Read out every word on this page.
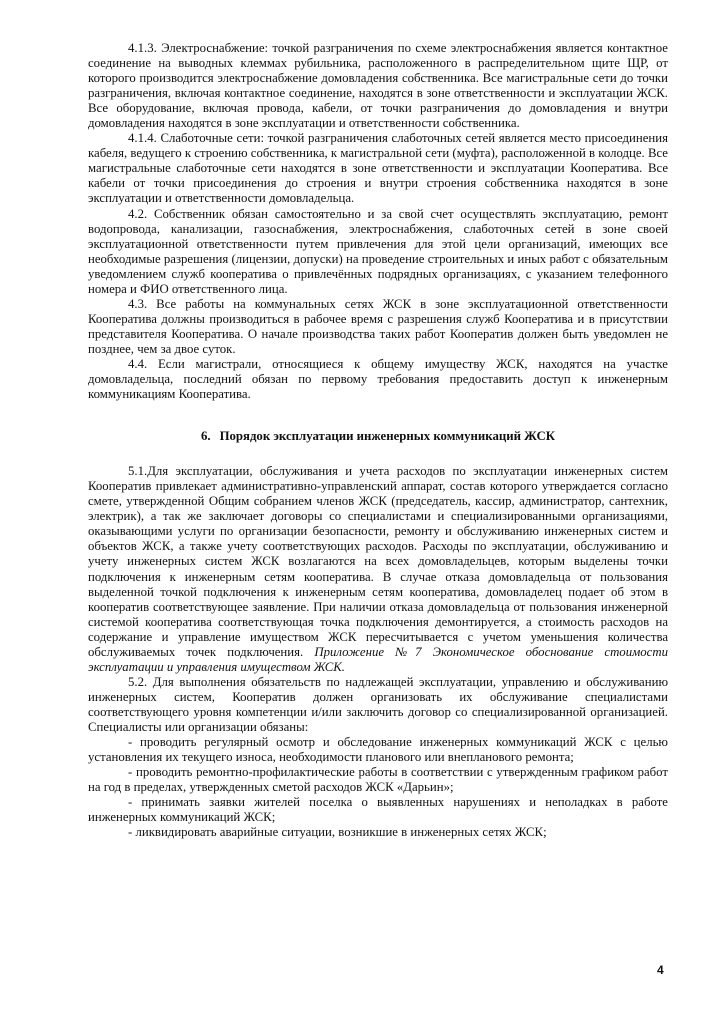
4.1.3. Электроснабжение: точкой разграничения по схеме электроснабжения является контактное соединение на выводных клеммах рубильника, расположенного в распределительном щите ЩР, от которого производится электроснабжение домовладения собственника. Все магистральные сети до точки разграничения, включая контактное соединение, находятся в зоне ответственности и эксплуатации ЖСК. Все оборудование, включая провода, кабели, от точки разграничения до домовладения и внутри домовладения находятся в зоне эксплуатации и ответственности собственника.

4.1.4. Слаботочные сети: точкой разграничения слаботочных сетей является место присоединения кабеля, ведущего к строению собственника, к магистральной сети (муфта), расположенной в колодце. Все магистральные слаботочные сети находятся в зоне ответственности и эксплуатации Кооператива. Все кабели от точки присоединения до строения и внутри строения собственника находятся в зоне эксплуатации и ответственности домовладельца.

4.2. Собственник обязан самостоятельно и за свой счет осуществлять эксплуатацию, ремонт водопровода, канализации, газоснабжения, электроснабжения, слаботочных сетей в зоне своей эксплуатационной ответственности путем привлечения для этой цели организаций, имеющих все необходимые разрешения (лицензии, допуски) на проведение строительных и иных работ с обязательным уведомлением служб кооператива о привлечённых подрядных организациях, с указанием телефонного номера и ФИО ответственного лица.

4.3. Все работы на коммунальных сетях ЖСК в зоне эксплуатационной ответственности Кооператива должны производиться в рабочее время с разрешения служб Кооператива и в присутствии представителя Кооператива. О начале производства таких работ Кооператив должен быть уведомлен не позднее, чем за двое суток.

4.4. Если магистрали, относящиеся к общему имуществу ЖСК, находятся на участке домовладельца, последний обязан по первому требования предоставить доступ к инженерным коммуникациям Кооператива.

6. Порядок эксплуатации инженерных коммуникаций ЖСК

5.1.Для эксплуатации, обслуживания и учета расходов по эксплуатации инженерных систем Кооператив привлекает административно-управленский аппарат, состав которого утверждается согласно смете, утвержденной Общим собранием членов ЖСК (председатель, кассир, администратор, сантехник, электрик), а так же заключает договоры со специалистами и специализированными организациями, оказывающими услуги по организации безопасности, ремонту и обслуживанию инженерных систем и объектов ЖСК, а также учету соответствующих расходов. Расходы по эксплуатации, обслуживанию и учету инженерных систем ЖСК возлагаются на всех домовладельцев, которым выделены точки подключения к инженерным сетям кооператива. В случае отказа домовладельца от пользования выделенной точкой подключения к инженерным сетям кооператива, домовладелец подает об этом в кооператив соответствующее заявление. При наличии отказа домовладельца от пользования инженерной системой кооператива соответствующая точка подключения демонтируется, а стоимость расходов на содержание и управление имуществом ЖСК пересчитывается с учетом уменьшения количества обслуживаемых точек подключения. Приложение №7 Экономическое обоснование стоимости эксплуатации и управления имуществом ЖСК.

5.2. Для выполнения обязательств по надлежащей эксплуатации, управлению и обслуживанию инженерных систем, Кооператив должен организовать их обслуживание специалистами соответствующего уровня компетенции и/или заключить договор со специализированной организацией. Специалисты или организации обязаны:

- проводить регулярный осмотр и обследование инженерных коммуникаций ЖСК с целью установления их текущего износа, необходимости планового или внепланового ремонта;

- проводить ремонтно-профилактические работы в соответствии с утвержденным графиком работ на год в пределах, утвержденных сметой расходов ЖСК «Дарьин»;

- принимать заявки жителей поселка о выявленных нарушениях и неполадках в работе инженерных коммуникаций ЖСК;

- ликвидировать аварийные ситуации, возникшие в инженерных сетях ЖСК;

4
